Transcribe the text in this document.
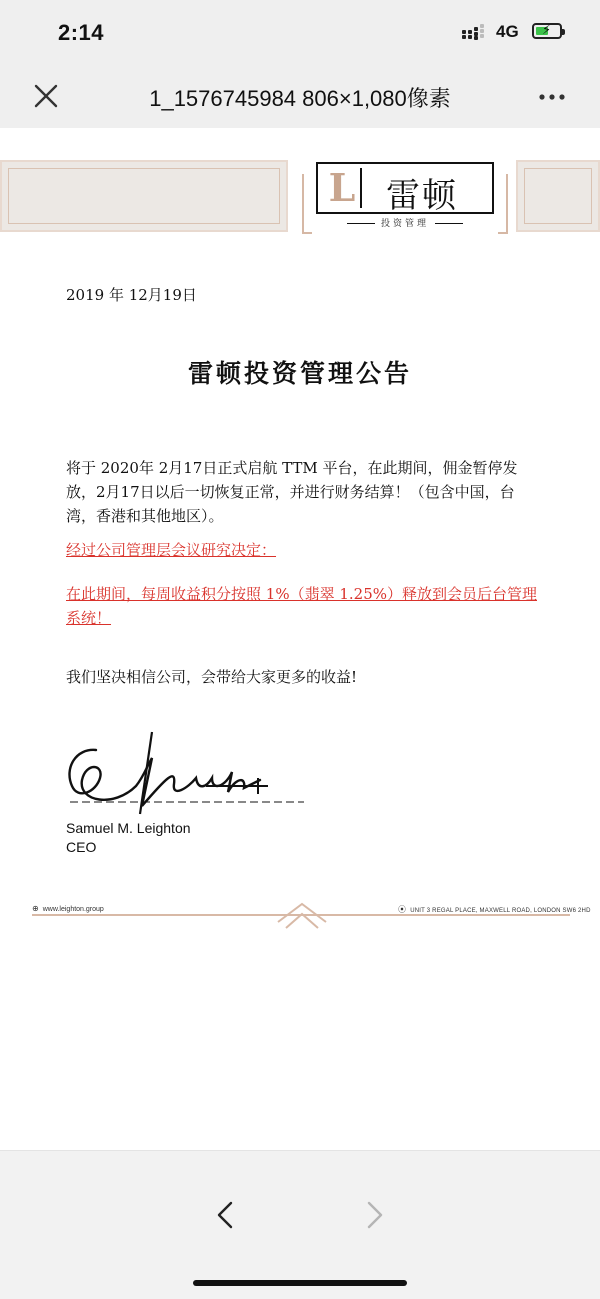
2:14	4G ⚡
1_1576745984 806×1,080像素
L 雷顿
投资管理
2019 年 12月19日
雷顿投资管理公告
将于 2020年 2月17日正式启航 TTM 平台，在此期间，佣金暂停发放，2月17日以后一切恢复正常，并进行财务结算！（包含中国，台湾，香港和其他地区）。
经过公司管理层会议研究决定：
在此期间，每周收益积分按照 1%（翡翠 1.25%）释放到会员后台管理系统！
我们坚决相信公司，会带给大家更多的收益!
Samuel M. Leighton
CEO
⊕ www.leighton.group	⦿ UNIT 3 REGAL PLACE, MAXWELL ROAD, LONDON SW6 2HD
